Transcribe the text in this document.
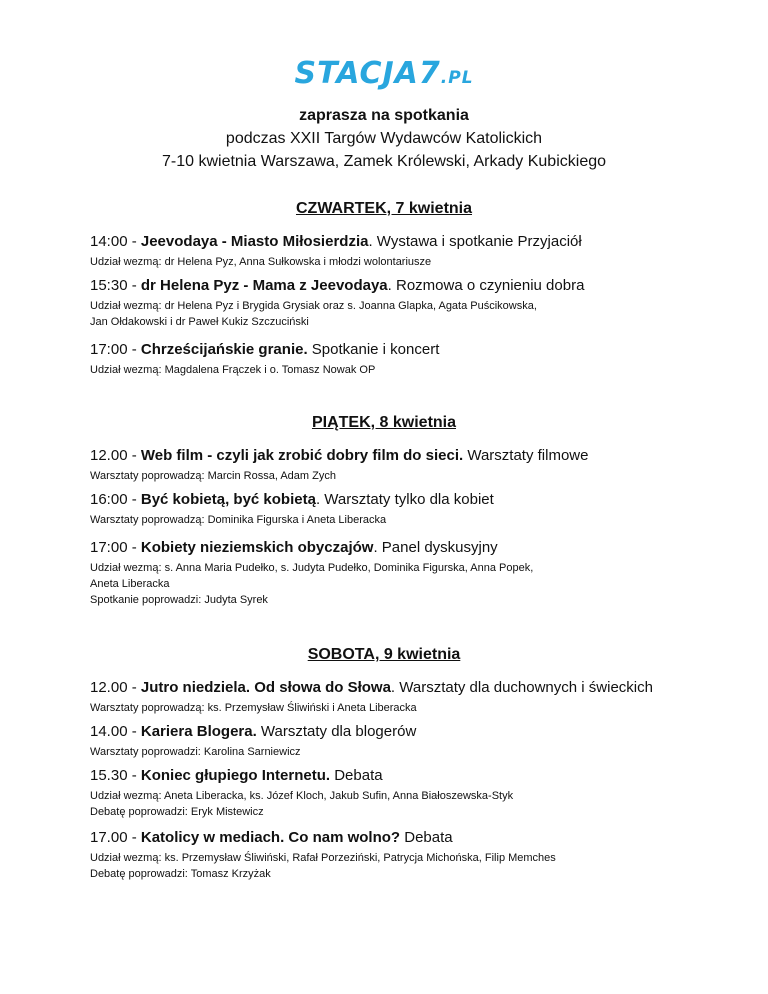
STACJA7.PL
zaprasza na spotkania
podczas XXII Targów Wydawców Katolickich
7-10 kwietnia Warszawa, Zamek Królewski, Arkady Kubickiego
CZWARTEK, 7 kwietnia
14:00 - Jeevodaya - Miasto Miłosierdzia. Wystawa i spotkanie Przyjaciół
Udział wezmą: dr Helena Pyz, Anna Sułkowska i młodzi wolontariusze
15:30 - dr Helena Pyz - Mama z Jeevodaya. Rozmowa o czynieniu dobra
Udział wezmą: dr Helena Pyz i Brygida Grysiak oraz s. Joanna Glapka, Agata Puścikowska,
Jan Ołdakowski i dr Paweł Kukiz Szczuciński
17:00 - Chrześcijańskie granie. Spotkanie i koncert
Udział wezmą: Magdalena Frączek i o. Tomasz Nowak OP
PIĄTEK, 8 kwietnia
12.00 - Web film - czyli jak zrobić dobry film do sieci. Warsztaty filmowe
Warsztaty poprowadzą: Marcin Rossa, Adam Zych
16:00 - Być kobietą, być kobietą. Warsztaty tylko dla kobiet
Warsztaty poprowadzą: Dominika Figurska i Aneta Liberacka
17:00 - Kobiety nieziemskich obyczajów. Panel dyskusyjny
Udział wezmą: s. Anna Maria Pudełko, s. Judyta Pudełko, Dominika Figurska, Anna Popek,
Aneta Liberacka
Spotkanie poprowadzi: Judyta Syrek
SOBOTA, 9 kwietnia
12.00 - Jutro niedziela. Od słowa do Słowa. Warsztaty dla duchownych i świeckich
Warsztaty poprowadzą: ks. Przemysław Śliwiński i Aneta Liberacka
14.00 - Kariera Blogera. Warsztaty dla blogerów
Warsztaty poprowadzi: Karolina Sarniewicz
15.30 - Koniec głupiego Internetu. Debata
Udział wezmą: Aneta Liberacka, ks. Józef Kloch, Jakub Sufin, Anna Białoszewska-Styk
Debatę poprowadzi: Eryk Mistewicz
17.00 - Katolicy w mediach. Co nam wolno? Debata
Udział wezmą: ks. Przemysław Śliwiński, Rafał Porzeziński, Patrycja Michońska, Filip Memches
Debatę poprowadzi: Tomasz Krzyżak
